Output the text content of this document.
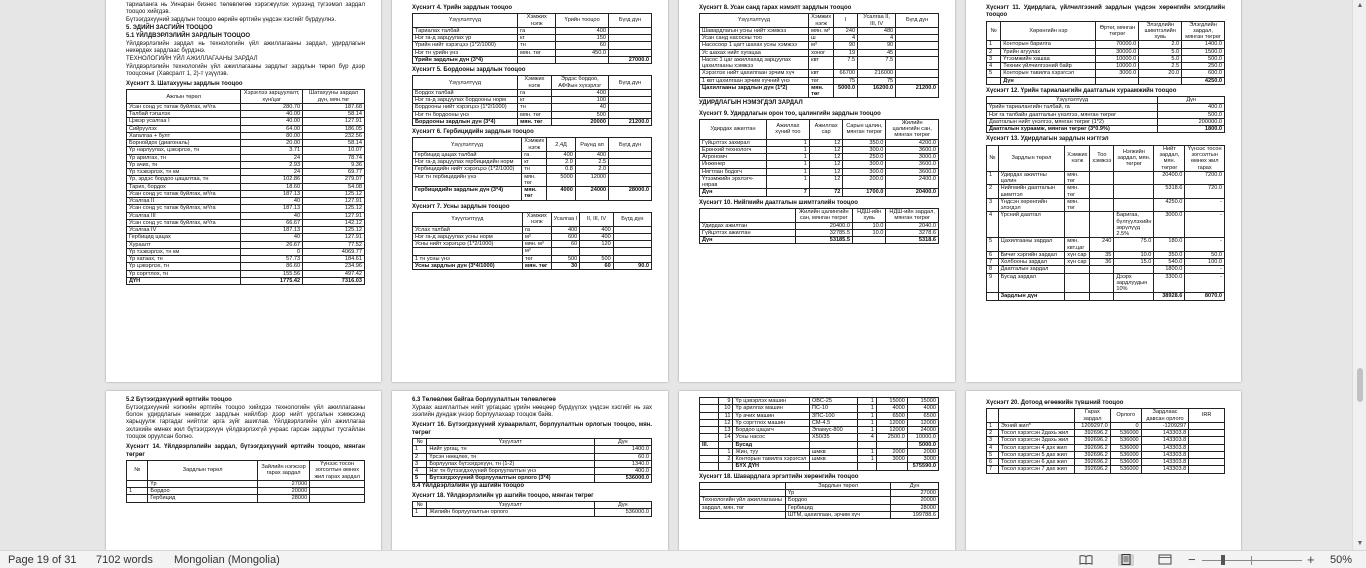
тариаланга нь Уинаран бизнес төлөвлөгөө хэрэгжүүлэх хүрээнд түгээмэл зардал тооцоо хийгдэв.

Бүтээгдэхүүний зардлын тооцоо өөрийн өртгийн үндсэн хэсгийг бүрдүүлнэ.

5. ЭДИЙН ЗАСГИЙН ТООЦОО

5.1 ҮЙЛДВЭРЛЭЛИЙН ЗАРДЛЫН ТООЦОО

Үйлдвэрлэлийн зардал нь технологийн үйл ажиллагааны зардал, удирдлагын нөхөрдөх зардлаас бүрдэнэ.

ТЕХНОЛОГИЙН ҮЙЛ АЖИЛЛАГААНЫ ЗАРДАЛ

Үйлдвэрлэлийн технологийн үйл ажиллагааны зардлыг зардлын төрөл бүр дээр тооцсоныг (Хавсралт 1, 2)-т үзүүлэв.

Хүснэгт 3. Шатахууны зардлын тооцоо

Ажлын төрөл	Хэрэглээ зарцуулалт, хүн/цаг	Шатахууны зардал дүн, мян.төг
Усан сонд ус татаж буйлгах, м³/га	280.70	187.68
Талбай тэгшлэх	40.00	58.14
Цэвэр усалгаа I	40.00	127.91
Сийрүүлэх	64.00	186.05
Хагалгаа + булт	80.00	232.56
Борнойдох (диагональ)	20.00	58.14
Үр нарлуулах, цэвэрлэх, тн	3.71	10.07
Үр арилгах, тн	24	78.74
Үр ачих, тн	2.93	9.36
Үр тээвэрлэх, тн км	24	69.77
Үр, эрдэс бордоо цацалтаа, тн	102.86	279.07
Тарих, бордох	18.60	54.08
Усан сонд ус татаж буйлгах, м³/га	187.13	125.12
Усалгаа II	40	127.91
Усан сонд ус татаж буйлгах, м³/га	187.13	125.12
Усалгаа III	40	127.91
Усан сонд ус татаж буйлгах, м³/га	66.67	142.12
Усалгаа IV	187.13	125.12
Гербицид цацах	40	127.91
Хураалт	26.67	77.52
Үр тээвэрлэх, тн км	0	4069.77
Үр хатаах, тн	57.73	184.61
Үр цэвэрлэх, тн	86.60	234.96
Үр соргтлох, тн	155.56	497.42
ДҮН	1775.42	7316.03

Хүснэгт 4. Үрийн зардлын тооцоо

Үзүүлэлтүүд	Хэмжих нэгж	Үрийн тооцоо	Бүгд дүн
Тариалах талбай	га	400	
Нэг га-д зарцуулах үр	кг	150	
Үрийн нийт хэрэгцээ (1*2/1000)	тн	60	
Нэг тн үрийн үнэ	мян. төг	450.0	
Үрийн зардлын дүн (3*4)			27000.0

Хүснэгт 5. Бордооны зардлын тооцоо

Үзүүлэлтүүд	Хэмжих нэгж	Эрдэс бордоо, АФФын хүхэрлэг	Бүгд дүн
Бордох талбай	га	400	
Нэг га-д зарцуулах бордооны норм	кг	100	
Бордооны нийт хэрэгцээ (1*2/1000)	тн	40	
Нэг тн бордооны үнэ	мян. төг	500	
Бордооны зардлын дүн (3*4)	мян. төг	20000	21200.0

Хүснэгт 6. Гербицидийн зардлын тооцоо

Үзүүлэлтүүд	Хэмжих нэгж	2,4Д	Раунд ап	Бүгд дүн
Гербицид цацах талбай	га	400	400	
Нэг га-д зарцуулах гербицидийн норм	кг	2.0	2.5	
Гербицидийн нийт хэрэгцээ (1*2/1000)	тн	0.8	2.0	
Нэг тн гербицидийн үнэ	мян. төг	5000	12000	
Гербицидийн зардлын дүн (3*4)	мян. төг	4000	24000	28000.0

Хүснэгт 7. Усны зардлын тооцоо

Үзүүлэлтүүд	Хэмжих нэгж	Усалгаа I	II, III, IV	Бүгд дүн
Услах талбай	га	400	400	
Нэг га-д зарцуулах усны норм	м³	600	400	
Усны нийт хэрэгцээ (1*2/1000)	мян. м³	60	120	
	м³			
1 тн усны үнэ	төг	500	500	
Усны зардлын дүн (3*4/1000)	мян. төг	30	60	90.0

Хүснэгт 8. Усан санд гарах нэмэлт зардлын тооцоо

Үзүүлэлтүүд	Хэмжих нэгж	I	Усалгаа II, III, IV	Бүгд дүн
Шавардлагын усны нийт хэмжээ	мян. м³	240	480	
Усан санд насосны тоо	ш	4	4	
Насосоор 1 цагт шахах усны хэмжээ	м³	90	90	
Ус шахах нийт хугацаа	хоног	19	45	
Насос 1 цаг ажиллахад зарцуулах цахилгааны хэмжээ	квт	7.5	7.5	
Хэрэглэх нийт цахилгаан эрчим хүч	квт	66700	216000	
1 квт цахилгаан эрчим хүчний үнэ	төг	75	75	
Цахилгааны зардлын дүн (1*2)	мян. төг	5000.0	16200.0	21200.0

УДИРДЛАГЫН НЭМЭГДЭЛ ЗАРДАЛ

Хүснэгт 9. Удирдлагын орон тоо, цалингийн зардлын тооцоо

Удирдах ажилтан	Ажиллах хүний тоо	Ажиллах сар	Сарын цалин, мянган төгрөг	Жилийн цалингийн сан, мянган төгрөг
Гүйцэтгэх захирал	1	12	350.0	4200.0
Ерөнхий технологч	1	12	300.0	3600.0
Агрономч	1	12	250.0	3000.0
Инженер	1	12	300.0	3600.0
Нягтлан бодогч	1	12	300.0	3600.0
Үтээмжийн эрхлэгч-нярав	1	12	200.0	2400.0
Дүн	7	72	1700.0	20400.0

Хүснэгт 10. Нийгмийн даатгалын шимтгэлийн тооцоо

	Жилийн цалингийн сан, мянган төгрөг	НДШ-ийн хувь	НДШ-ийн зардал, мянган төгрөг
Удирдах ажилтан	20400.0	10.0	2040.0
Гүйцэтгэх ажилтан	32785.5	10.0	3278.6
Дүн	53185.5		5318.6

Хүснэгт 11. Удирдлага, үйлчилгээний зардлын үндсэн хөрөнгийн элэгдлийн тооцоо

№	Хөрөнгийн нэр	Өртөг, мянган төгрөг	Элэгдлийн шимтгэлийн хувь	Элэгдлийн зардал, мянган төгрөг
1	Конторын барилга	70000.0	2.0	1400.0
2	Үрийн агуулах	30000.0	5.0	1500.0
3	Үтээмжийн хашаа	10000.0	5.0	500.0
4	Техник үйлчилгээний байр	10000.0	2.5	250.0
5	Конторын тавилга хэрэгсэл	3000.0	20.0	600.0
	Дүн			4250.0

Хүснэгт 12. Үрийн тариалангийн даатгалын хураамжийн тооцоо

Үзүүлэлтүүд	Дүн
Үрийн тариалангийн талбай, га	400.0
Нэг га талбайн даатгалын үнэлгээ, мянган төгрөг	500.0
Даатгалын нийт үнэлгээ, мянган төгрөг (1*2)	200000.0
Даатгалын хураамж, мянган төгрөг (3*0.9%)	1800.0

Хүснэгт 13. Удирдлагын зардлын нэгтгэл

№	Зардлын төрөл	Хэмжих нэгж	Тоо хэмжээ	Нэгжийн зардал, мян. төгрөг	Нийт зардал, мян. төгрөг	Үүнээс тосон зогсолтын өмнөх жил гарах
1	Удирдах ажилтны цалин	мян. төг			20400.0	7200.0
2	Нийгмийн даатгалын шимтгэл	мян. төг			5318.6	720.0
3	Үндсэн хөрөнгийн элэгдэл	мян. төг			4250.0	-
4	Үрсний даатгал			Баригаа, бүлгүүлэхийн зөрүлүүд 2.5%	3000.0	-
5	Цахилгааны зардал	мян. квт.цаг	240	75.0	180.0	-
6	Бичиг хэргийн зардал	хүн сар	35	10.0	350.0	50.0
7	Холбооны зардал	хүн сар	36	15.0	540.0	100.0
8	Даатгалын зардал				1800.0	-
9	Бусад зардал			Дээрх зардлуудын 10%	3300.0	-
	Зардлын дүн				38928.6	8070.0

5.2 Бүтээгдэхүүний өртгийн тооцоо

Бүтээгдэхүүний нэгжийн өртгийн тооцоо хийхдээ технологийн үйл ажиллагааны болон удирдлагын нөмөгдэх зардлын нийлбэр дээр нийт үрсгалын хэмжээнд харьцуулж гаргадаг нийтлэг арга зүйг ашиглав. Үйлдвэрлэлийн үйл ажиллагаа эхлэхийн өмнөх жил бүтээгдэхүүн үйлдвэрлэхгүй учраас гарсан зардлыг тусгайлан тооцож оруулсан болно.

Хүснэгт 14. Үйлдвэрлэлийн зардал, бүтээгдэхүүний өртгийн тооцоо, мянган төгрөг

№	Зардлын төрөл	Зайлийн нэгжээр гарах зардал	Үүнээс тосон зогсолтын өмнөх жил гарах зардал
	Үр	27000	
1	Бордоо	20000	
	Гербицид	28000	

6.3 Төлөвлөж байгаа борлуулалтын төлөвлөгөө

Хураах ашиглалтын нийт ургацаас үрийн нөөцөөр бүрдүүлэх үндсэн хэсгийг нь зах зээлийн дундаж үнээр борлуулахаар тооцож байв.

Хүснэгт 16. Бүтээгдэхүүний хуваарилалт, борлуулалтын орлогын тооцоо, мян. төгрөг

№	Үзүүлэлт	Дүн
1	Нийт ургац, тн	1400.0
2	Үрсэн нөөцлөх, тн	60.0
3	Борлуулах бүтээгдэхүүн, тн (1-2)	1340.0
4	Нэг тн бүтээгдэхүүний борлуулалтын үнэ	400.0
5	Бүтээгдэхүүний борлуулалтын орлого (3*4)	536000.0

6.4 Үйлдвэрлэлийн үр ашгийн тооцоо

Хүснэгт 18. Үйлдвэрлэлийн үр ашгийн тооцоо, мянган төгрөг

№	Үзүүлэлт	Дүн
1	Жилийн борлуулалтын орлого	536000.0
	9	Үр цэвэрлэх машин	ОВС-25	1	15000	15000
	10	Үр арилгах машин	ПС-10	1	4000	4000
	11	Үр ачих машин	ЗПС-100	1	6500	6500
	12	Үр соргтлох машин	СМ-4.5	1	12000	12000
	13	Бордоо цацагч	Эламус-800	1	12000	24000
	14	Усны насос	Х50/35	4	2500.0	10000.0
III.		Бусад				5000.0
	1	Жин, туу	шмкв	1	2000	2000
	2	Конторын тавилга хэрэгсэл	шмкв	1	3000	3000
		БҮХ ДҮН				575590.0

Хүснэгт 18. Шавардлага эргэлтийн хөрөнгийн тооцоо

	Зардлын төрөл	Дүн
	Үр	27000
Технологийн үйл ажиллагааны	Бордоо	20000
зардал, мян. төг	Гербицид	28000
	ШТМ, цахилгаан, эрчим хүч	199788.6

Хүснэгт 20. Дотоод өгөөжийн түвшний тооцоо

		Гарах зардал	Орлого	Зардлаас давсан орлого	IRR
1	Эхний жил*	1209297.0	0	-1209297	
2	Тосол хэрэгсэн 2дахь жил	392696.2	536000	143303.8	
3	Тосол хэрэгсэн 3дахь жил	392696.2	536000	143303.8	
4	Тосол хэрэгсэн 4 дэх жил	392696.2	536000	143303.8	
5	Тосол хэрэгсэн 5 дах жил	392696.2	536000	143303.8	
6	Тосол хэрэгсэн 6 дах жил	392696.2	536000	143303.8	
7	Тосол хэрэгсэн 7 дах жил	392696.2	536000	143303.8	
▲
▼
Page 19 of 31 7102 words Mongolian (Mongolia)	−	+ 50%
